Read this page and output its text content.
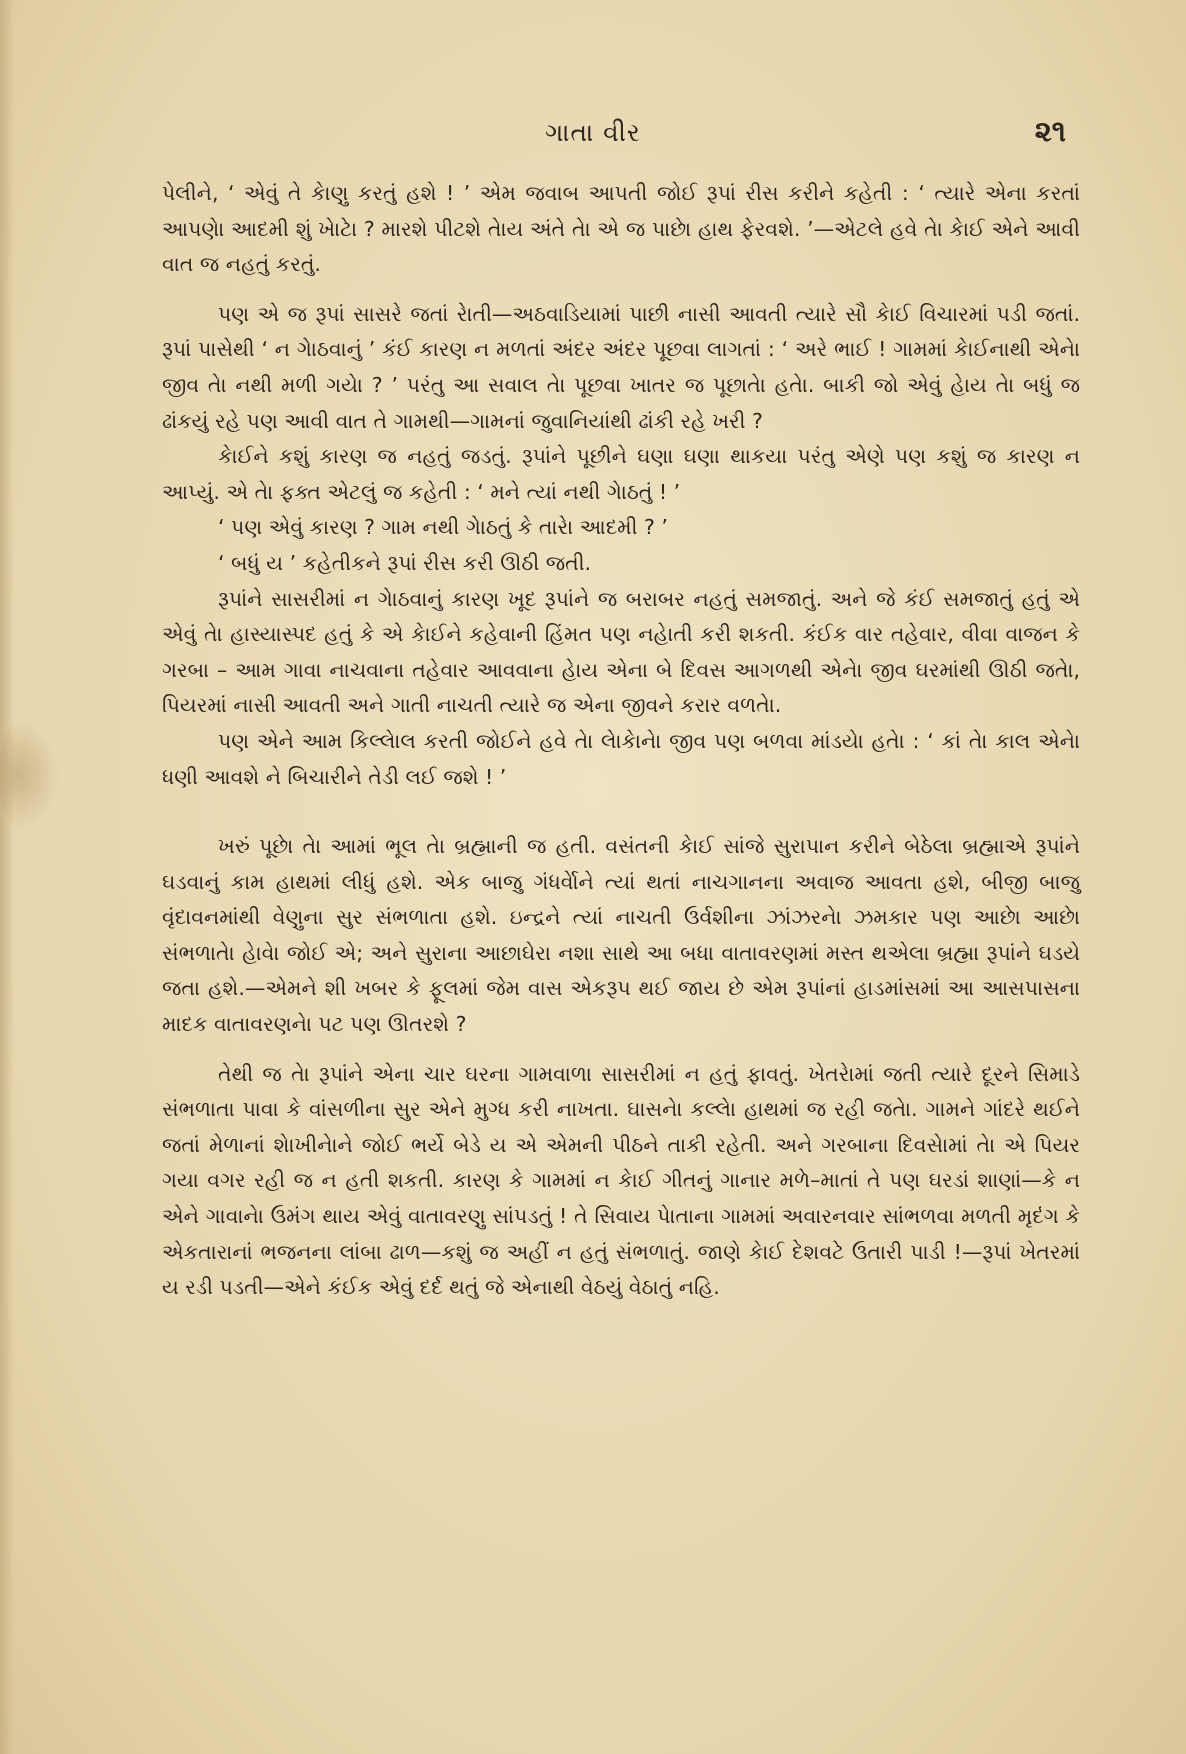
ગાતા વીર	૨૧

પેલીને, ‘ એવું તે કેાણુ કરતું હશે ! ’ એમ જવાબ આપતી જોઈ રૂપાં રીસ કરીને કહેતી : ‘ ત્યારે એના કરતાં આપણેા આદમી શું ખેાટેા ? મારશે પીટશે તેાય અંતે તેા એ જ પાછેા હાથ ફેરવશે. ’—એટલે હવે તેા કેાઈ એને આવી વાત જ નહતું કરતું.

પણ એ જ રૂપાં સાસરે જતાં રેાતી—અઠવાડિયામાં પાછી નાસી આવતી ત્યારે સૌ કેાઈ વિચારમાં પડી જતાં. રૂપાં પાસેથી ‘ ન ગેાઠવાનું ’ કંઈ કારણ ન મળતાં અંદર અંદર પૂછવા લાગતાં : ‘ અરે ભાઈ ! ગામમાં કેાઈનાથી એનેા જીવ તેા નથી મળી ગયેા ? ’ પરંતુ આ સવાલ તેા પૂછવા ખાતર જ પૂછાતેા હતેા. બાકી જો એવું હેાય તેા બધું જ ઢાંકયું રહે પણ આવી વાત તે ગામથી—ગામનાં જુવાનિયાંથી ઢાંકી રહે ખરી ?

કેાઈને કશું કારણ જ નહતું જડતું. રૂપાંને પૂછીને ઘણા ઘણા થાકયા પરંતુ એણે પણ કશું જ કારણ ન આપ્યું. એ તેા ફક્ત એટલું જ કહેતી : ‘ મને ત્યાં નથી ગેાઠતું ! ’

‘ પણ એવું કારણ ? ગામ નથી ગેાઠતું કે તારેા આદમી ? ’

‘ બધું ય ’ કહેતીકને રૂપાં રીસ કરી ઊઠી જતી.

રૂપાંને સાસરીમાં ન ગેાઠવાનું કારણ ખૂદ રૂપાંને જ બરાબર નહતું સમજાતું. અને જે કંઈ સમજાતું હતું એ એવું તેા હાસ્યાસ્પદ હતું કે એ કેાઈને કહેવાની હિંમત પણ નહેાતી કરી શકતી. કંઈક વાર તહેવાર, વીવા વાજન કે ગરબા – આમ ગાવા નાચવાના તહેવાર આવવાના હેાય એના બે દિવસ આગળથી એનેા જીવ ઘરમાંથી ઊઠી જતેા, પિયરમાં નાસી આવતી અને ગાતી નાચતી ત્યારે જ એના જીવને કરાર વળતેા.

પણ એને આમ કિલ્લેાલ કરતી જોઈને હવે તેા લેાકેાનેા જીવ પણ બળવા માંડયેા હતેા : ‘ કાં તેા કાલ એનેા ધણી આવશે ને બિચારીને તેડી લઈ જશે ! ’

ખરું પૂછેા તેા આમાં ભૂલ તેા બ્રહ્માની જ હતી. વસંતની કેાઈ સાંજે સુરાપાન કરીને બેઠેલા બ્રહ્માએ રૂપાંને ઘડવાનું કામ હાથમાં લીધું હશે. એક બાજુ ગંધર્વેાને ત્યાં થતાં નાચગાનના અવાજ આવતા હશે, બીજી બાજુ વૃંદાવનમાંથી વેણુના સુર સંભળાતા હશે. ઇન્દ્રને ત્યાં નાચતી ઉર્વશીના ઝાંઝરનેા ઝમકાર પણ આછેા આછેા સંભળાતેા હેાવેા જોઈ એ; અને સુરાના આછાઘેરા નશા સાથે આ બધા વાતાવરણમાં મસ્ત થએલા બ્રહ્મા રૂપાંને ઘડયે જતા હશે.—એમને શી ખબર કે ફૂલમાં જેમ વાસ એકરૂપ થઈ જાય છે એમ રૂપાંનાં હાડમાંસમાં આ આસપાસના માદક વાતાવરણનેા પટ પણ ઊતરશે ?

તેથી જ તેા રૂપાંને એના ચાર ઘરના ગામવાળા સાસરીમાં ન હતું ફાવતું. ખેતરેામાં જતી ત્યારે દૂરને સિમાડે સંભળાતા પાવા કે વાંસળીના સુર એને મુગ્ધ કરી નાખતા. ઘાસનેા કલ્લેા હાથમાં જ રહી જતેા. ગામને ગાંદરે થઈને જતાં મેળાનાં શેાખીનેાને જોઈ ભર્યે બેડે ય એ એમની પીઠને તાકી રહેતી. અને ગરબાના દિવસેામાં તેા એ પિયર ગયા વગર રહી જ ન હતી શકતી. કારણ કે ગામમાં ન કેાઈ ગીતનું ગાનાર મળે–માતાં તે પણ ઘરડાં શાણાં—કે ન એને ગાવાનેા ઉમંગ થાય એવું વાતાવરણુ સાંપડતું ! તે સિવાય પેાતાના ગામમાં અવારનવાર સાંભળવા મળતી મૃદંગ કે એકતારાનાં ભજનના લાંબા ઢાળ—કશું જ અહીં ન હતું સંભળાતું. જાણે કેાઈ દેશવટે ઉતારી પાડી !—રૂપાં ખેતરમાં ય રડી પડતી—એને કંઈક એવું દર્દ થતું જે એનાથી વેઠયું વેઠાતું નહિ.
